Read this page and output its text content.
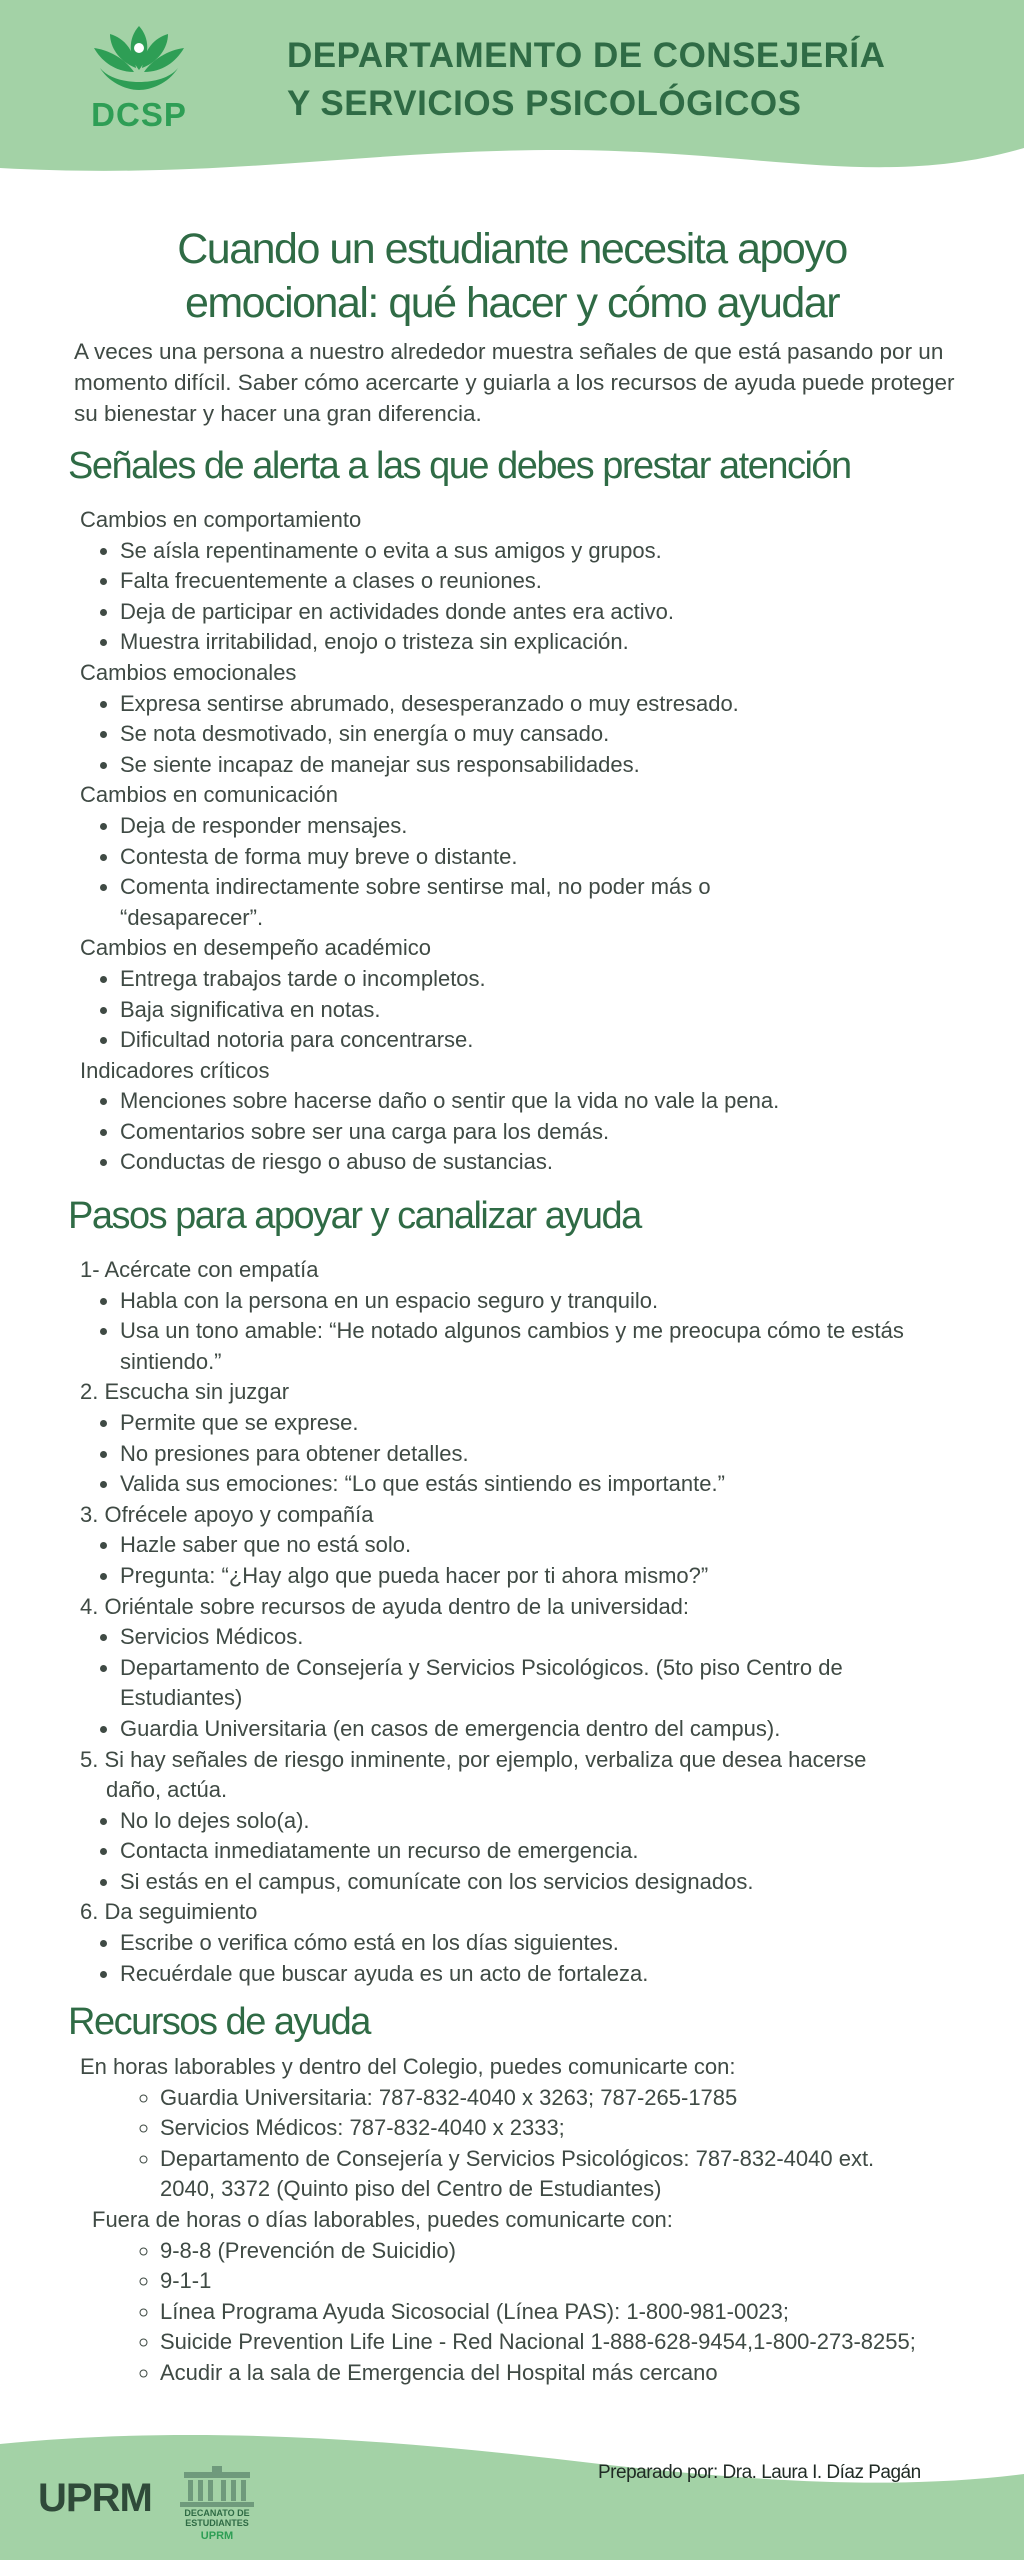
DCSP
DEPARTAMENTO DE CONSEJERÍA
Y SERVICIOS PSICOLÓGICOS
Cuando un estudiante necesita apoyo
emocional: qué hacer y cómo ayudar

A veces una persona a nuestro alrededor muestra señales de que está pasando por un momento difícil. Saber cómo acercarte y guiarla a los recursos de ayuda puede proteger su bienestar y hacer una gran diferencia.

Señales de alerta a las que debes prestar atención
Cambios en comportamiento
• Se aísla repentinamente o evita a sus amigos y grupos.
• Falta frecuentemente a clases o reuniones.
• Deja de participar en actividades donde antes era activo.
• Muestra irritabilidad, enojo o tristeza sin explicación.
Cambios emocionales
• Expresa sentirse abrumado, desesperanzado o muy estresado.
• Se nota desmotivado, sin energía o muy cansado.
• Se siente incapaz de manejar sus responsabilidades.
Cambios en comunicación
• Deja de responder mensajes.
• Contesta de forma muy breve o distante.
• Comenta indirectamente sobre sentirse mal, no poder más o “desaparecer”.
Cambios en desempeño académico
• Entrega trabajos tarde o incompletos.
• Baja significativa en notas.
• Dificultad notoria para concentrarse.
Indicadores críticos
• Menciones sobre hacerse daño o sentir que la vida no vale la pena.
• Comentarios sobre ser una carga para los demás.
• Conductas de riesgo o abuso de sustancias.
Pasos para apoyar y canalizar ayuda
1- Acércate con empatía
• Habla con la persona en un espacio seguro y tranquilo.
• Usa un tono amable: “He notado algunos cambios y me preocupa cómo te estás sintiendo.”
2. Escucha sin juzgar
• Permite que se exprese.
• No presiones para obtener detalles.
• Valida sus emociones: “Lo que estás sintiendo es importante.”
3. Ofrécele apoyo y compañía
• Hazle saber que no está solo.
• Pregunta: “¿Hay algo que pueda hacer por ti ahora mismo?”
4. Oriéntale sobre recursos de ayuda dentro de la universidad:
• Servicios Médicos.
• Departamento de Consejería y Servicios Psicológicos. (5to piso Centro de Estudiantes)
• Guardia Universitaria (en casos de emergencia dentro del campus).
5. Si hay señales de riesgo inminente, por ejemplo, verbaliza que desea hacerse daño, actúa.
• No lo dejes solo(a).
• Contacta inmediatamente un recurso de emergencia.
• Si estás en el campus, comunícate con los servicios designados.
6. Da seguimiento
• Escribe o verifica cómo está en los días siguientes.
• Recuérdale que buscar ayuda es un acto de fortaleza.
Recursos de ayuda
En horas laborables y dentro del Colegio, puedes comunicarte con:
◦ Guardia Universitaria: 787-832-4040 x 3263; 787-265-1785
◦ Servicios Médicos: 787-832-4040 x 2333;
◦ Departamento de Consejería y Servicios Psicológicos: 787-832-4040 ext. 2040, 3372 (Quinto piso del Centro de Estudiantes)
Fuera de horas o días laborables, puedes comunicarte con:
◦ 9-8-8 (Prevención de Suicidio)
◦ 9-1-1
◦ Línea Programa Ayuda Sicosocial (Línea PAS): 1-800-981-0023;
◦ Suicide Prevention Life Line - Red Nacional 1-888-628-9454,1-800-273-8255;
◦ Acudir a la sala de Emergencia del Hospital más cercano
Preparado por: Dra. Laura I. Díaz Pagán
UPRM	DECANATO DE
ESTUDIANTES
UPRM
